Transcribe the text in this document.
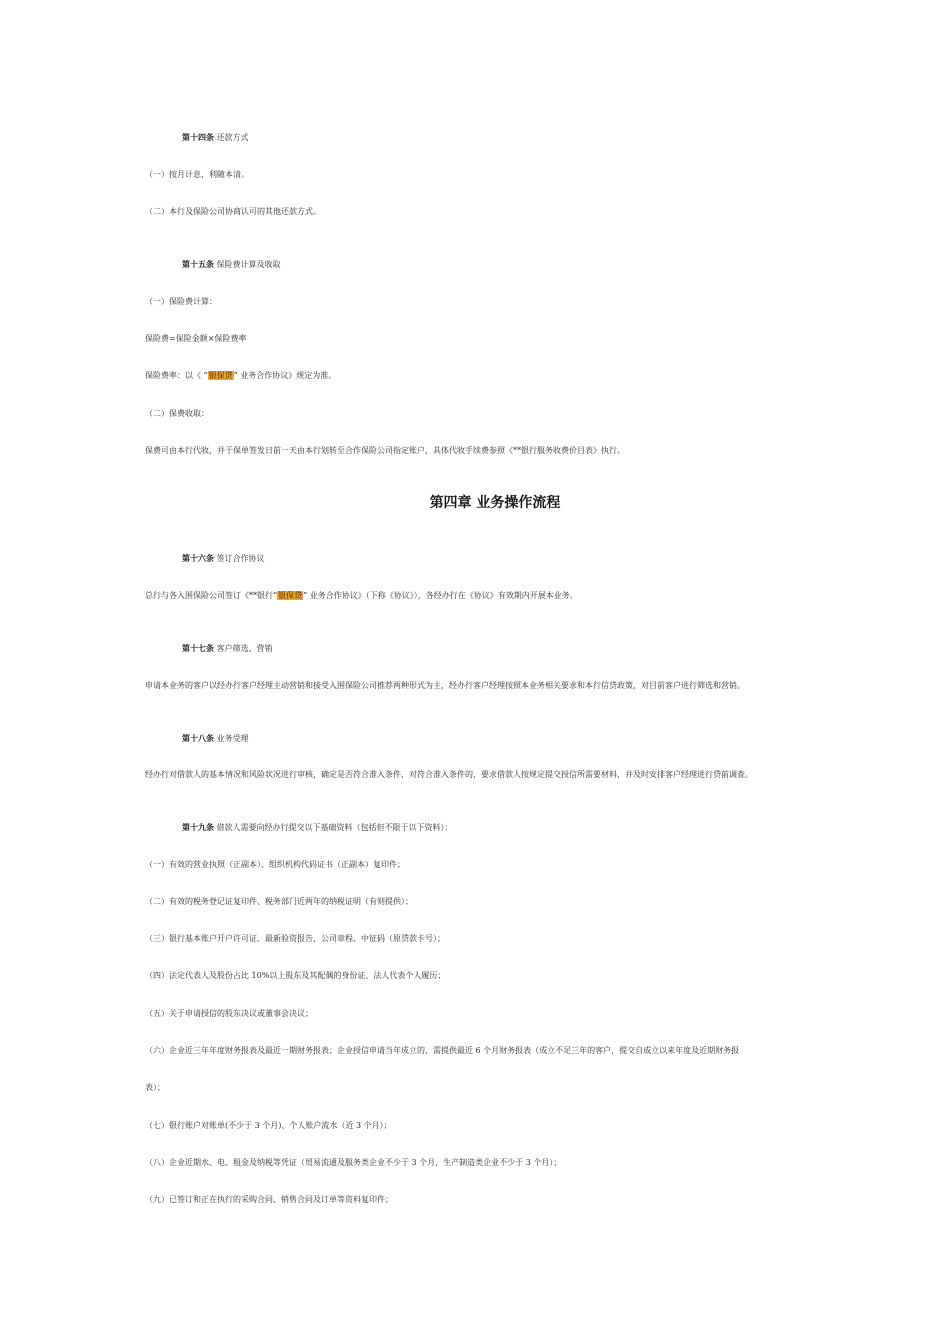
第十四条 还款方式
（一）按月计息，利随本清。
（二）本行及保险公司协商认可的其他还款方式。
第十五条 保险费计算及收取
（一）保险费计算：
保险费=保险金额×保险费率
保险费率：以《 “银保贷” 业务合作协议》规定为准。
（二）保费收取：
保费可由本行代收，并于保单签发日前一天由本行划转至合作保险公司指定账户，具体代收手续费参照《**银行服务收费价目表》执行。
第四章 业务操作流程
第十六条 签订合作协议
总行与各入围保险公司签订《**银行“银保贷” 业务合作协议》（下称《协议》），各经办行在《协议》有效期内开展本业务。
第十七条 客户筛选、营销
申请本业务的客户以经办行客户经理主动营销和接受入围保险公司推荐两种形式为主，经办行客户经理按照本业务相关要求和本行信贷政策，对目前客户进行筛选和营销。
第十八条 业务受理
经办行对借款人的基本情况和风险状况进行审核，确定是否符合准入条件，对符合准入条件的，要求借款人按规定提交授信所需要材料，并及时安排客户经理进行贷前调查。
第十九条 借款人需要向经办行提交以下基础资料（包括但不限于以下资料）：
（一）有效的营业执照（正副本）、组织机构代码证书（正副本）复印件；
（二）有效的税务登记证复印件、税务部门近两年的纳税证明（有则提供）；
（三）银行基本账户开户许可证、最新验资报告，公司章程、中征码（原贷款卡号）；
（四）法定代表人及股份占比 10%以上股东及其配偶的身份证、法人代表个人履历；
（五）关于申请授信的股东决议或董事会决议；
（六）企业近三年年度财务报表及最近一期财务报表；企业授信申请当年成立的，需提供最近 6 个月财务报表（成立不足三年的客户，提交自成立以来年度及近期财务报
表）；
（七）银行账户对账单(不少于 3 个月)、个人账户流水（近 3 个月）；
（八）企业近期水、电、租金及纳税等凭证（贸易流通及服务类企业不少于 3 个月，生产制造类企业不少于 3 个月）；
（九）已签订和正在执行的采购合同、销售合同及订单等资料复印件；
